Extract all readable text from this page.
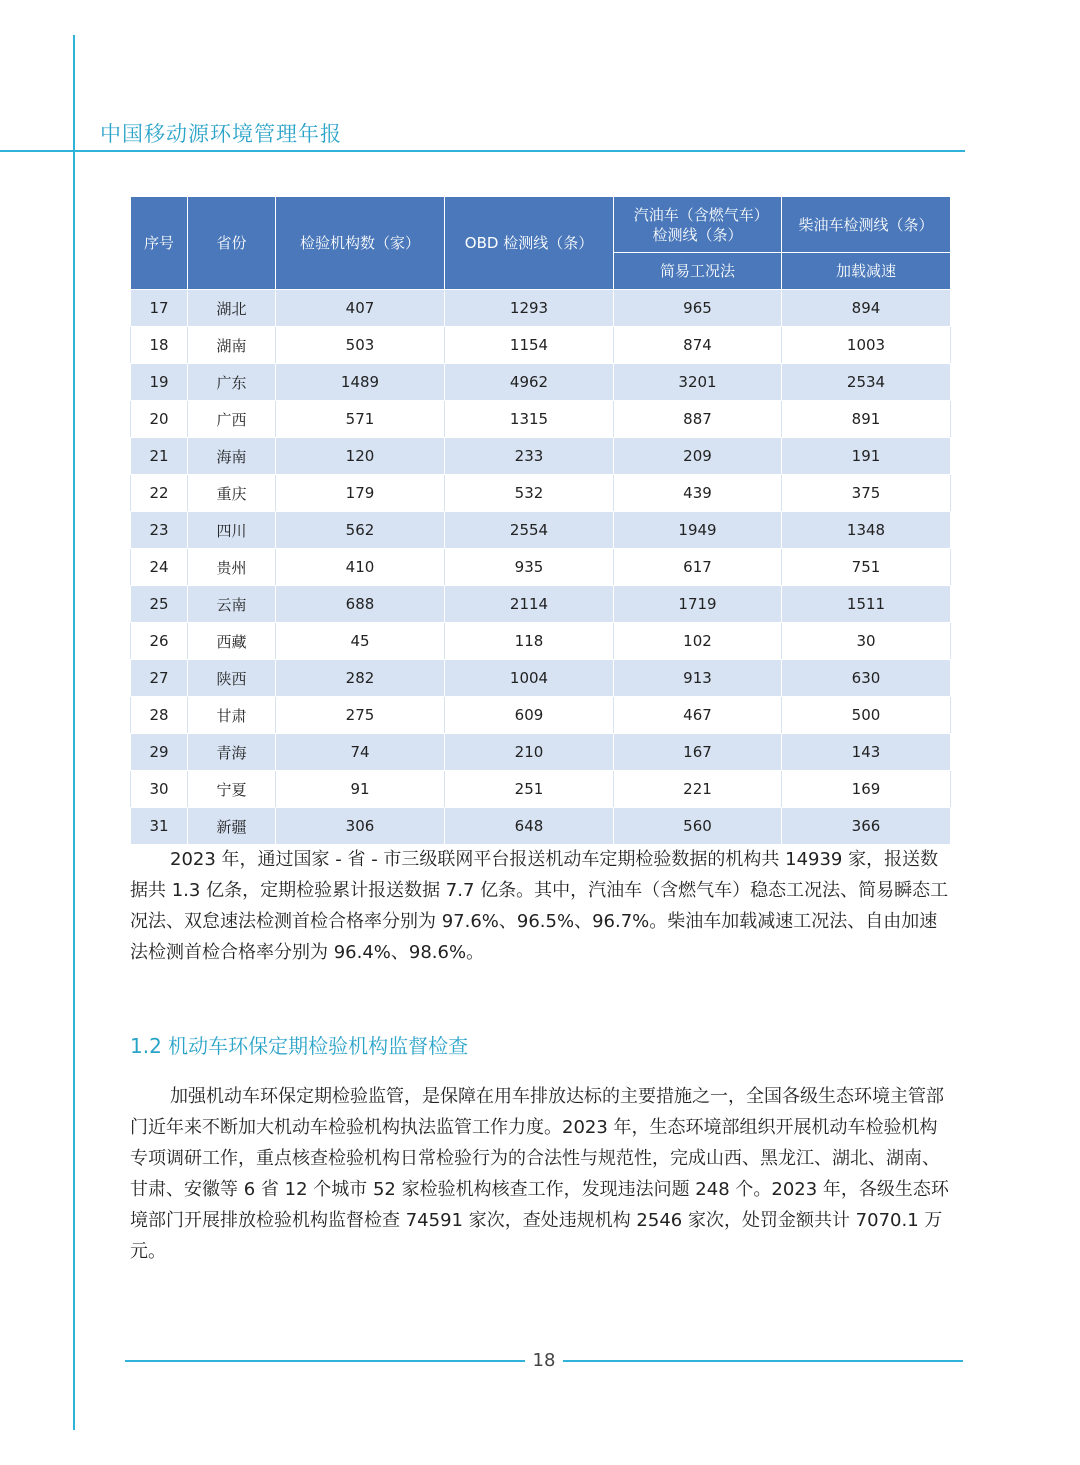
中国移动源环境管理年报
序号	省份	检验机构数（家）	OBD 检测线（条）	汽油车（含燃气车）检测线（条）	柴油车检测线（条）
				简易工况法	加载减速
17	湖北	407	1293	965	894
18	湖南	503	1154	874	1003
19	广东	1489	4962	3201	2534
20	广西	571	1315	887	891
21	海南	120	233	209	191
22	重庆	179	532	439	375
23	四川	562	2554	1949	1348
24	贵州	410	935	617	751
25	云南	688	2114	1719	1511
26	西藏	45	118	102	30
27	陕西	282	1004	913	630
28	甘肃	275	609	467	500
29	青海	74	210	167	143
30	宁夏	91	251	221	169
31	新疆	306	648	560	366

2023 年，通过国家 - 省 - 市三级联网平台报送机动车定期检验数据的机构共 14939 家，报送数据共 1.3 亿条，定期检验累计报送数据 7.7 亿条。其中，汽油车（含燃气车）稳态工况法、简易瞬态工况法、双怠速法检测首检合格率分别为 97.6%、96.5%、96.7%。柴油车加载减速工况法、自由加速法检测首检合格率分别为 96.4%、98.6%。

1.2 机动车环保定期检验机构监督检查

加强机动车环保定期检验监管，是保障在用车排放达标的主要措施之一，全国各级生态环境主管部门近年来不断加大机动车检验机构执法监管工作力度。2023 年，生态环境部组织开展机动车检验机构专项调研工作，重点核查检验机构日常检验行为的合法性与规范性，完成山西、黑龙江、湖北、湖南、甘肃、安徽等 6 省 12 个城市 52 家检验机构核查工作，发现违法问题 248 个。2023 年，各级生态环境部门开展排放检验机构监督检查 74591 家次，查处违规机构 2546 家次，处罚金额共计 7070.1 万元。

18
